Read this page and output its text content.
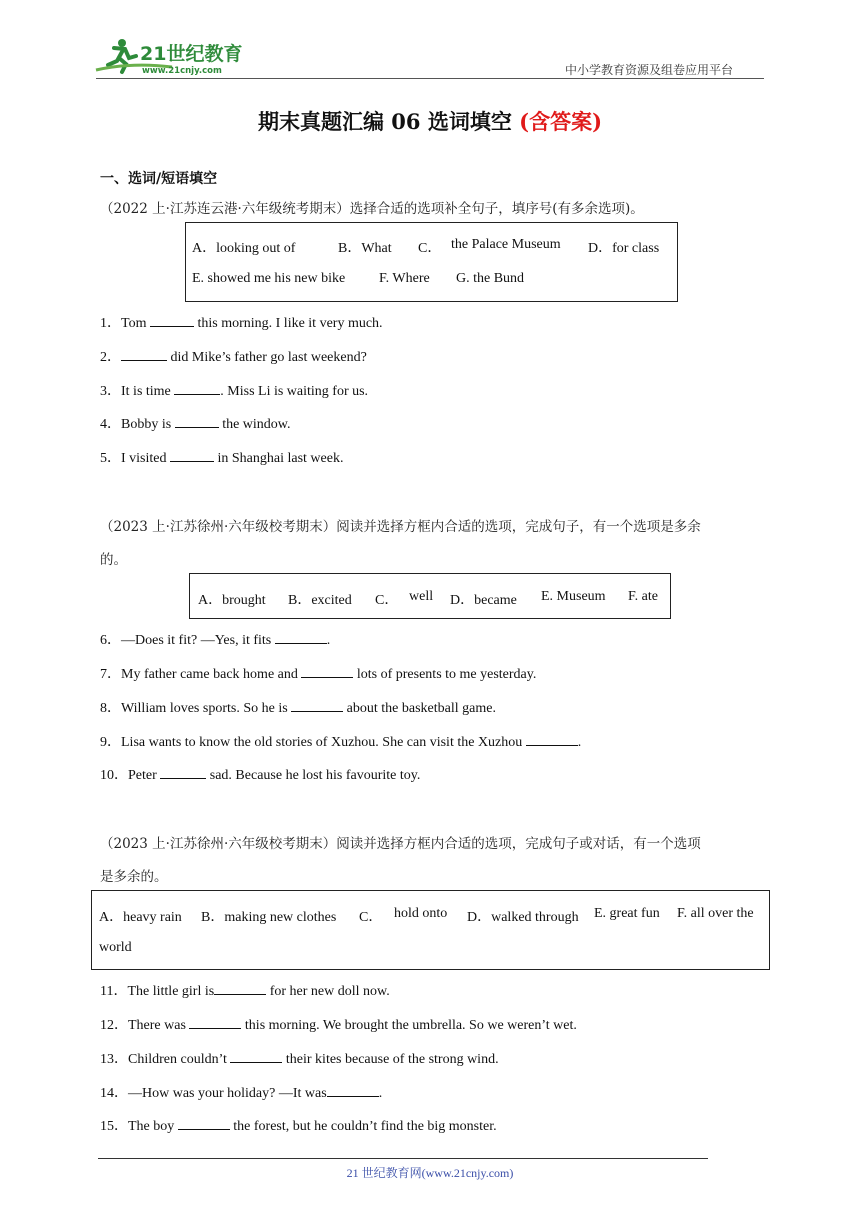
21世纪教育
www.21cnjy.com	中小学教育资源及组卷应用平台
期末真题汇编 06 选词填空 (含答案)
一、选词/短语填空
（2022 上·江苏连云港·六年级统考期末）选择合适的选项补全句子，填序号(有多余选项)。
A．looking out of	B．What C． the Palace Museum D．for class
E. showed me his new bike F. Where G. the Bund
1．Tom	this morning. I like it very much.
2．	did Mike’s father go last weekend?
3．It is time	. Miss Li is waiting for us.
4．Bobby is	the window.
5．I visited	in Shanghai last week.
（2023 上·江苏徐州·六年级校考期末）阅读并选择方框内合适的选项，完成句子，有一个选项是多余
的。
A．brought B．excited C． well D．became E. Museum F. ate
6．—Does it fit? —Yes, it fits	.
7．My father came back home and	lots of presents to me yesterday.
8．William loves sports. So he is	about the basketball game.
9．Lisa wants to know the old stories of Xuzhou. She can visit the Xuzhou	.
10．Peter	sad. Because he lost his favourite toy.
（2023 上·江苏徐州·六年级校考期末）阅读并选择方框内合适的选项，完成句子或对话，有一个选项
是多余的。
A．heavy rain B．making new clothes C． hold onto D．walked through E. great fun F. all over the
world
11．The little girl is	for her new doll now.
12．There was	this morning. We brought the umbrella. So we weren’t wet.
13．Children couldn’t	their kites because of the strong wind.
14．—How was your holiday? —It was	.
15．The boy	the forest, but he couldn’t find the big monster.
21 世纪教育网(www.21cnjy.com)
